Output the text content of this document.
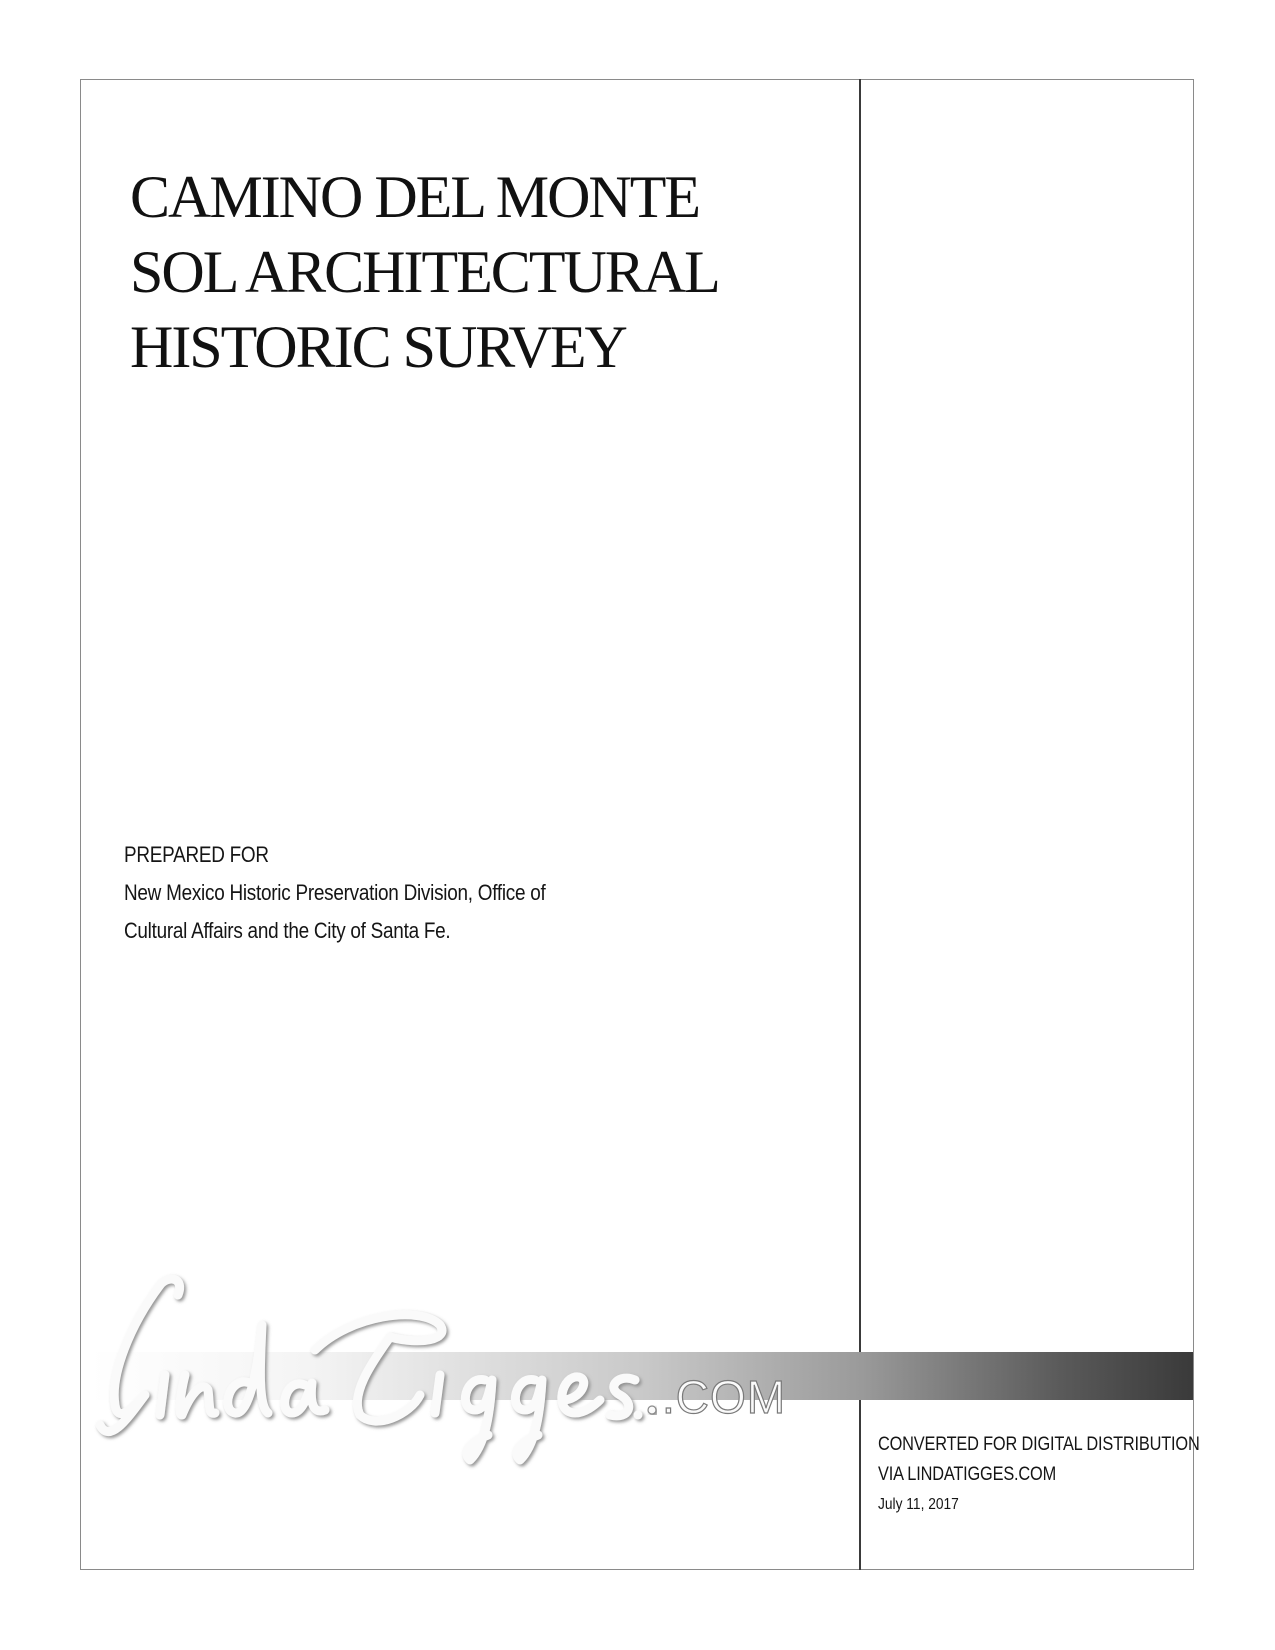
CAMINO DEL MONTE
SOL ARCHITECTURAL
HISTORIC SURVEY
PREPARED FOR
New Mexico Historic Preservation Division, Office of
Cultural Affairs and the City of Santa Fe.
.COM
CONVERTED FOR DIGITAL DISTRIBUTION
VIA LINDATIGGES.COM
July 11, 2017
